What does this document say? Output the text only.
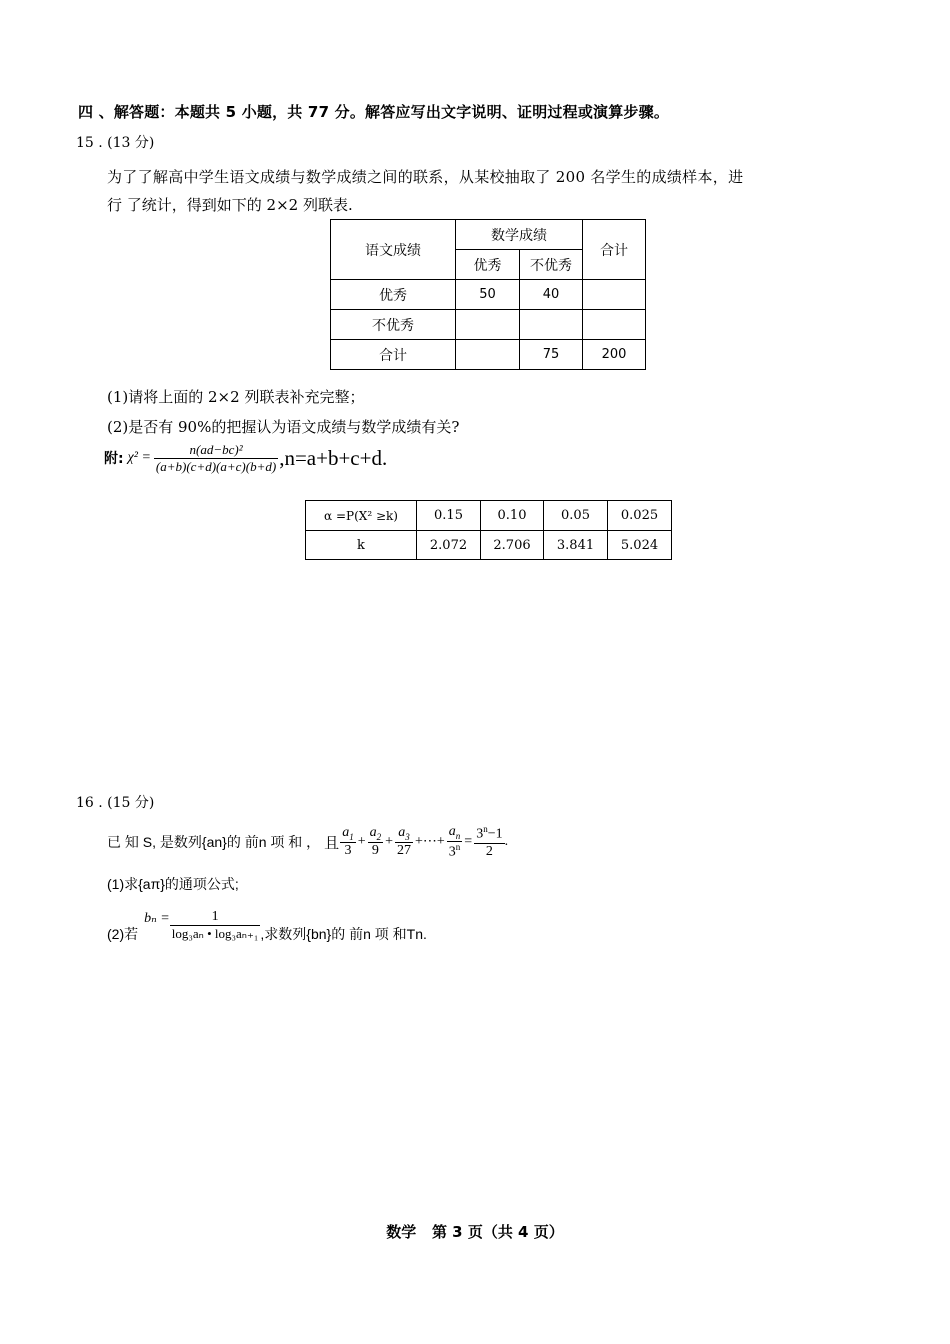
四 、解答题：本题共 5 小题，共 77 分。解答应写出文字说明、证明过程或演算步骤。
15 . (13 分)
为了了解高中学生语文成绩与数学成绩之间的联系，从某校抽取了 200 名学生的成绩样本，进
行 了统计，得到如下的 2×2 列联表.
语文成绩	数学成绩		合计
	优秀	不优秀	
优秀	50	40	
不优秀			
合计		75	200
(1)请将上面的 2×2 列联表补充完整；
(2)是否有 90%的把握认为语文成绩与数学成绩有关?
附: $\chi^2 = \frac{\text{n(ad−bc)²}}{(a+b)(c+d)(a+c)(b+d)} ,n=a+b+c+d$.
α =P(X² ≥k)	0.15	0.10	0.05	0.025
k	2.072	2.706	3.841	5.024
16 . (15 分)
已 知 S, 是数列{an}的 前n 项 和 ， 且 $\frac{a_1}{3} + \frac{a_2}{9} + \frac{a_3}{27}$ +⋯+ $\frac{a_n}{3^n} = \frac{3^n-1}{2}$ .
(1)求{aπ}的通项公式;
(2)若
$b_n = \frac{1}{\text{log₃aₙ • log₃aₙ₊₁}}$ ,求数列{bn}的 前n 项 和Tn.
数学   第 3 页（共 4 页）
